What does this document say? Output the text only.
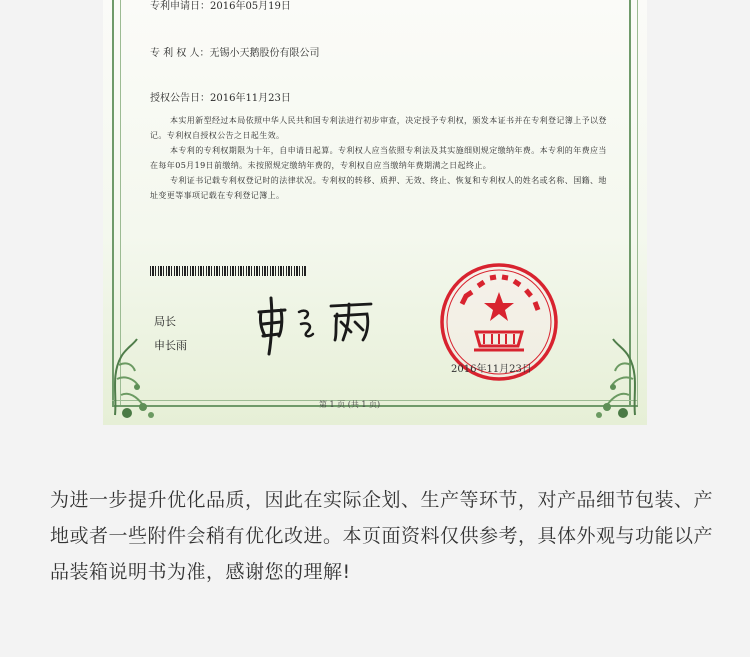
专利申请日：2016年05月19日
专 利 权 人：无锡小天鹅股份有限公司
授权公告日：2016年11月23日

本实用新型经过本局依照中华人民共和国专利法进行初步审查，决定授予专利权，颁发本证书并在专利登记簿上予以登记。专利权自授权公告之日起生效。

本专利的专利权期限为十年，自申请日起算。专利权人应当依照专利法及其实施细则规定缴纳年费。本专利的年费应当在每年05月19日前缴纳。未按照规定缴纳年费的，专利权自应当缴纳年费期满之日起终止。

专利证书记载专利权登记时的法律状况。专利权的转移、质押、无效、终止、恢复和专利权人的姓名或名称、国籍、地址变更等事项记载在专利登记簿上。

局长
申长雨
2016年11月23日
第 1 页 (共 1 页)
为进一步提升优化品质，因此在实际企划、生产等环节，对产品细节包装、产地或者一些附件会稍有优化改进。本页面资料仅供参考，具体外观与功能以产品装箱说明书为准，感谢您的理解!
